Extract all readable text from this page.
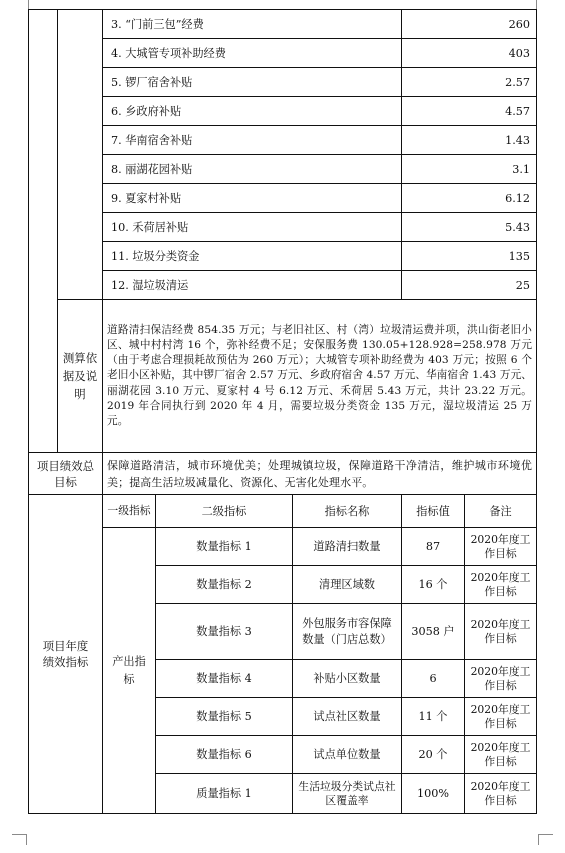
		3. “门前三包”经费			260	
		4. 大城管专项补助经费			403	
		5. 锣厂宿舍补贴			2.57	
		6. 乡政府补贴			4.57	
		7. 华南宿舍补贴			1.43	
		8. 丽湖花园补贴			3.1	
		9. 夏家村补贴			6.12	
		10. 禾荷居补贴			5.43	
		11. 垃圾分类资金			135	
		12. 湿垃圾清运			25	
	测算依据及说明	道路清扫保洁经费 854.35 万元；与老旧社区、村（湾）垃圾清运费并项，洪山街老旧小区、城中村村湾 16 个，弥补经费不足；安保服务费 130.05+128.928=258.978 万元（由于考虑合理损耗故预估为 260 万元）；大城管专项补助经费为 403 万元；按照 6 个老旧小区补贴，其中锣厂宿舍 2.57 万元、乡政府宿舍 4.57 万元、华南宿舍 1.43 万元、丽湖花园 3.10 万元、夏家村 4 号 6.12 万元、禾荷居 5.43 万元，共计 23.22 万元。2019 年合同执行到 2020 年 4 月，需要垃圾分类资金 135 万元，湿垃圾清运 25 万元。				
项目绩效总目标		保障道路清洁，城市环境优美；处理城镇垃圾，保障道路干净清洁，维护城市环境优美；提高生活垃圾减量化、资源化、无害化处理水平。				
项目年度绩效指标		一级指标	二级指标	指标名称	指标值	备注
		产出指标	数量指标 1	道路清扫数量	87	2020年度工作目标
			数量指标 2	清理区域数	16 个	2020年度工作目标
			数量指标 3	外包服务市容保障数量（门店总数）	3058 户	2020年度工作目标
			数量指标 4	补贴小区数量	6	2020年度工作目标
			数量指标 5	试点社区数量	11 个	2020年度工作目标
			数量指标 6	试点单位数量	20 个	2020年度工作目标
			质量指标 1	生活垃圾分类试点社区覆盖率	100%	2020年度工作目标
